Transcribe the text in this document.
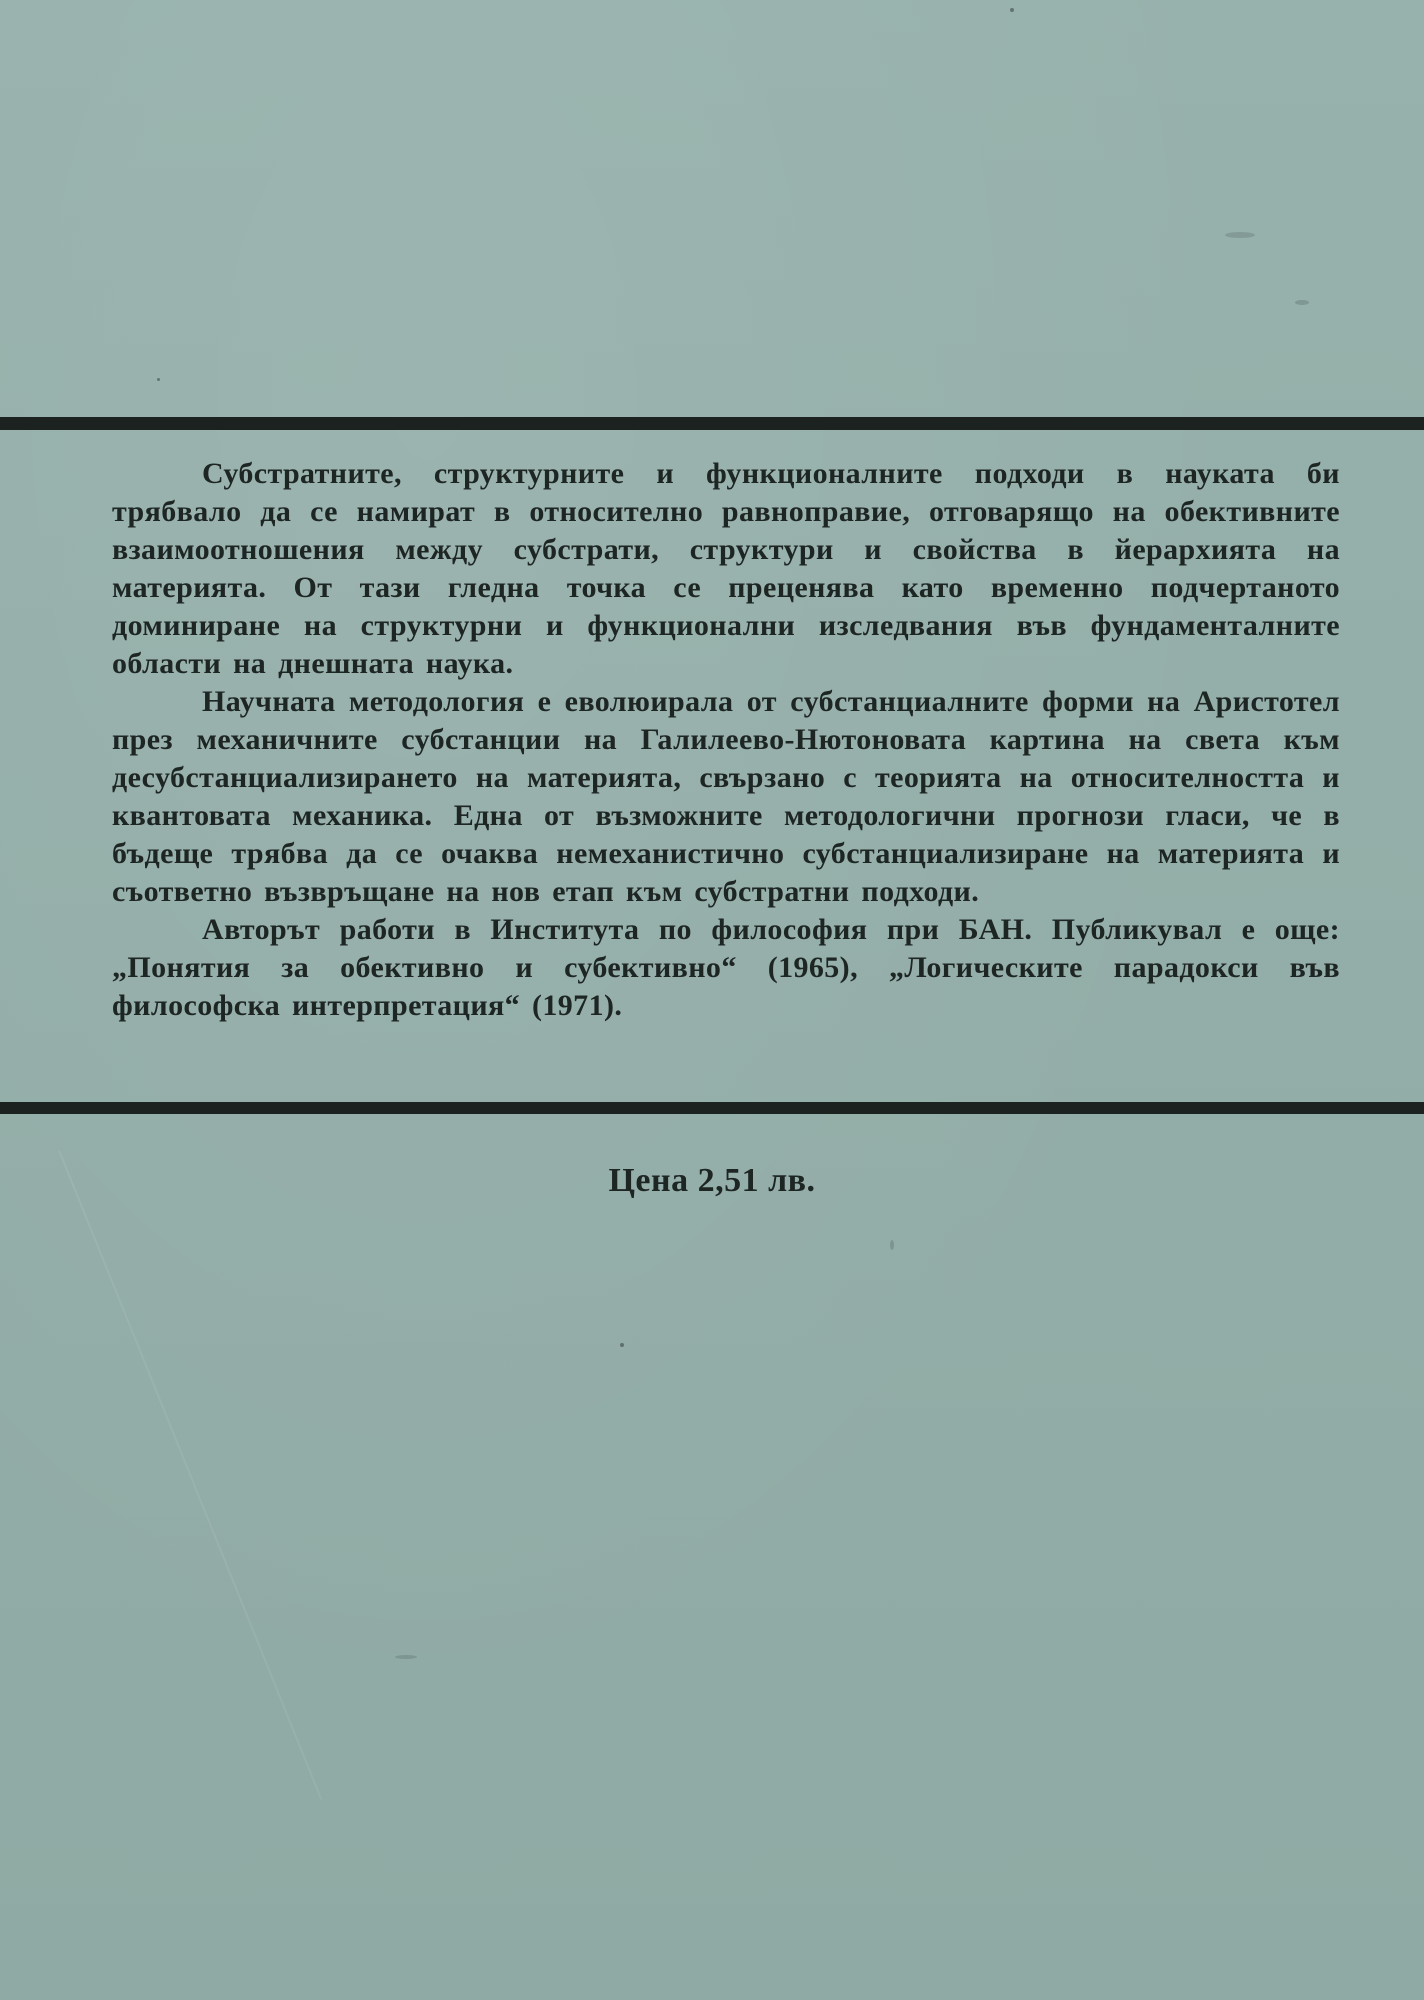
Субстратните, структурните и функционалните подходи в науката би трябвало да се намират в относително равноправие, отговарящо на обективните взаимоотношения между субстрати, структури и свойства в йерархията на материята. От тази гледна точка се преценява като временно подчертаното доминиране на структурни и функционални изследвания във фундаменталните области на днешната наука.

Научната методология е еволюирала от субстанциалните форми на Аристотел през механичните субстанции на Галилеево-Нютоновата картина на света към десубстанциализирането на материята, свързано с теорията на относителността и квантовата механика. Една от възможните методологични прогнози гласи, че в бъдеще трябва да се очаква немеханистично субстанциализиране на материята и съответно възвръщане на нов етап към субстратни подходи.

Авторът работи в Института по философия при БАН. Публикувал е още: „Понятия за обективно и субективно“ (1965), „Логическите парадокси във философска интерпретация“ (1971).

Цена 2,51 лв.
